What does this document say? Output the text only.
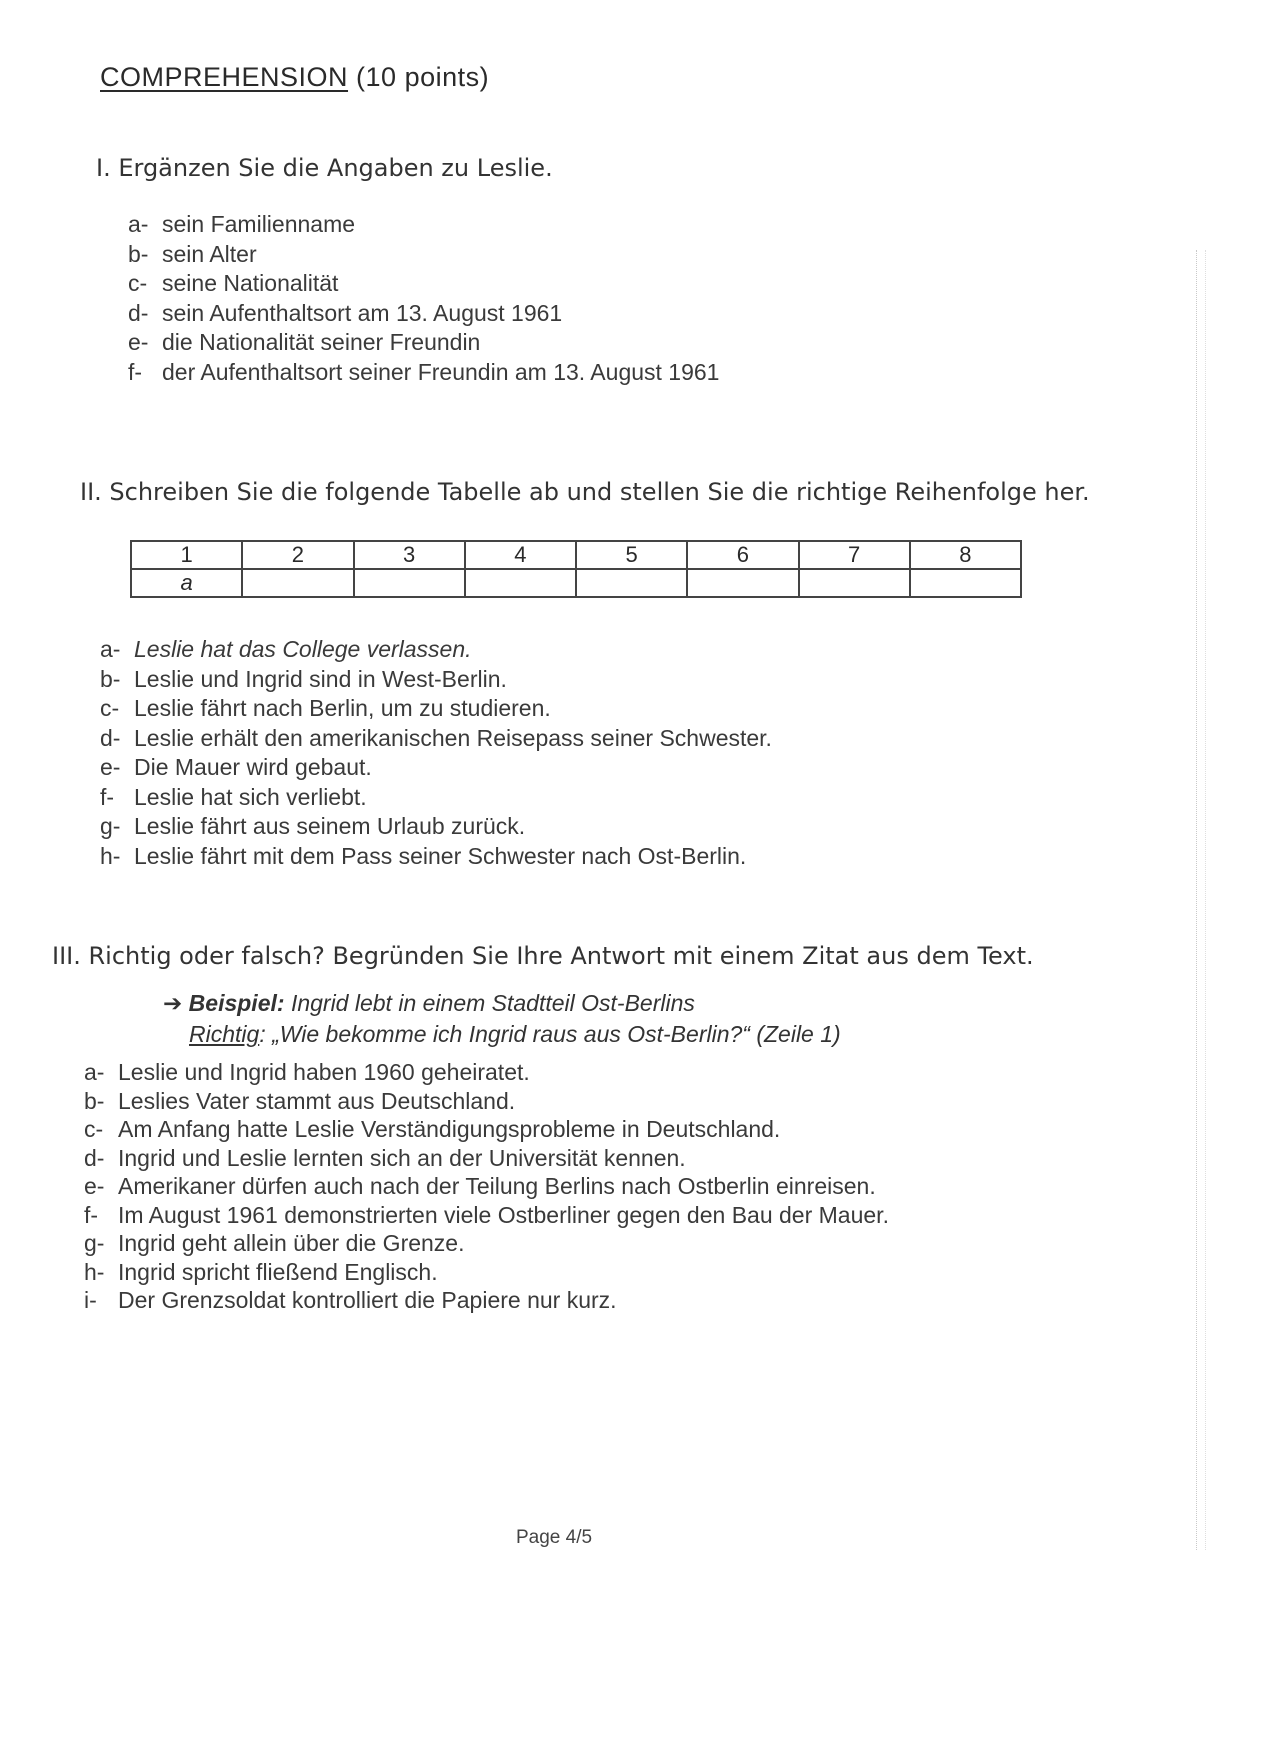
COMPREHENSION (10 points)
I. Ergänzen Sie die Angaben zu Leslie.
a- sein Familienname
b- sein Alter
c- seine Nationalität
d- sein Aufenthaltsort am 13. August 1961
e- die Nationalität seiner Freundin
f- der Aufenthaltsort seiner Freundin am 13. August 1961
II. Schreiben Sie die folgende Tabelle ab und stellen Sie die richtige Reihenfolge her.
1	2	3	4	5	6	7	8
a							
a- Leslie hat das College verlassen.
b- Leslie und Ingrid sind in West-Berlin.
c- Leslie fährt nach Berlin, um zu studieren.
d- Leslie erhält den amerikanischen Reisepass seiner Schwester.
e- Die Mauer wird gebaut.
f- Leslie hat sich verliebt.
g- Leslie fährt aus seinem Urlaub zurück.
h- Leslie fährt mit dem Pass seiner Schwester nach Ost-Berlin.
III. Richtig oder falsch? Begründen Sie Ihre Antwort mit einem Zitat aus dem Text.
➔ Beispiel: Ingrid lebt in einem Stadtteil Ost-Berlins
Richtig: „Wie bekomme ich Ingrid raus aus Ost-Berlin?“ (Zeile 1)
a- Leslie und Ingrid haben 1960 geheiratet.
b- Leslies Vater stammt aus Deutschland.
c- Am Anfang hatte Leslie Verständigungsprobleme in Deutschland.
d- Ingrid und Leslie lernten sich an der Universität kennen.
e- Amerikaner dürfen auch nach der Teilung Berlins nach Ostberlin einreisen.
f- Im August 1961 demonstrierten viele Ostberliner gegen den Bau der Mauer.
g- Ingrid geht allein über die Grenze.
h- Ingrid spricht fließend Englisch.
i- Der Grenzsoldat kontrolliert die Papiere nur kurz.
Page 4/5
